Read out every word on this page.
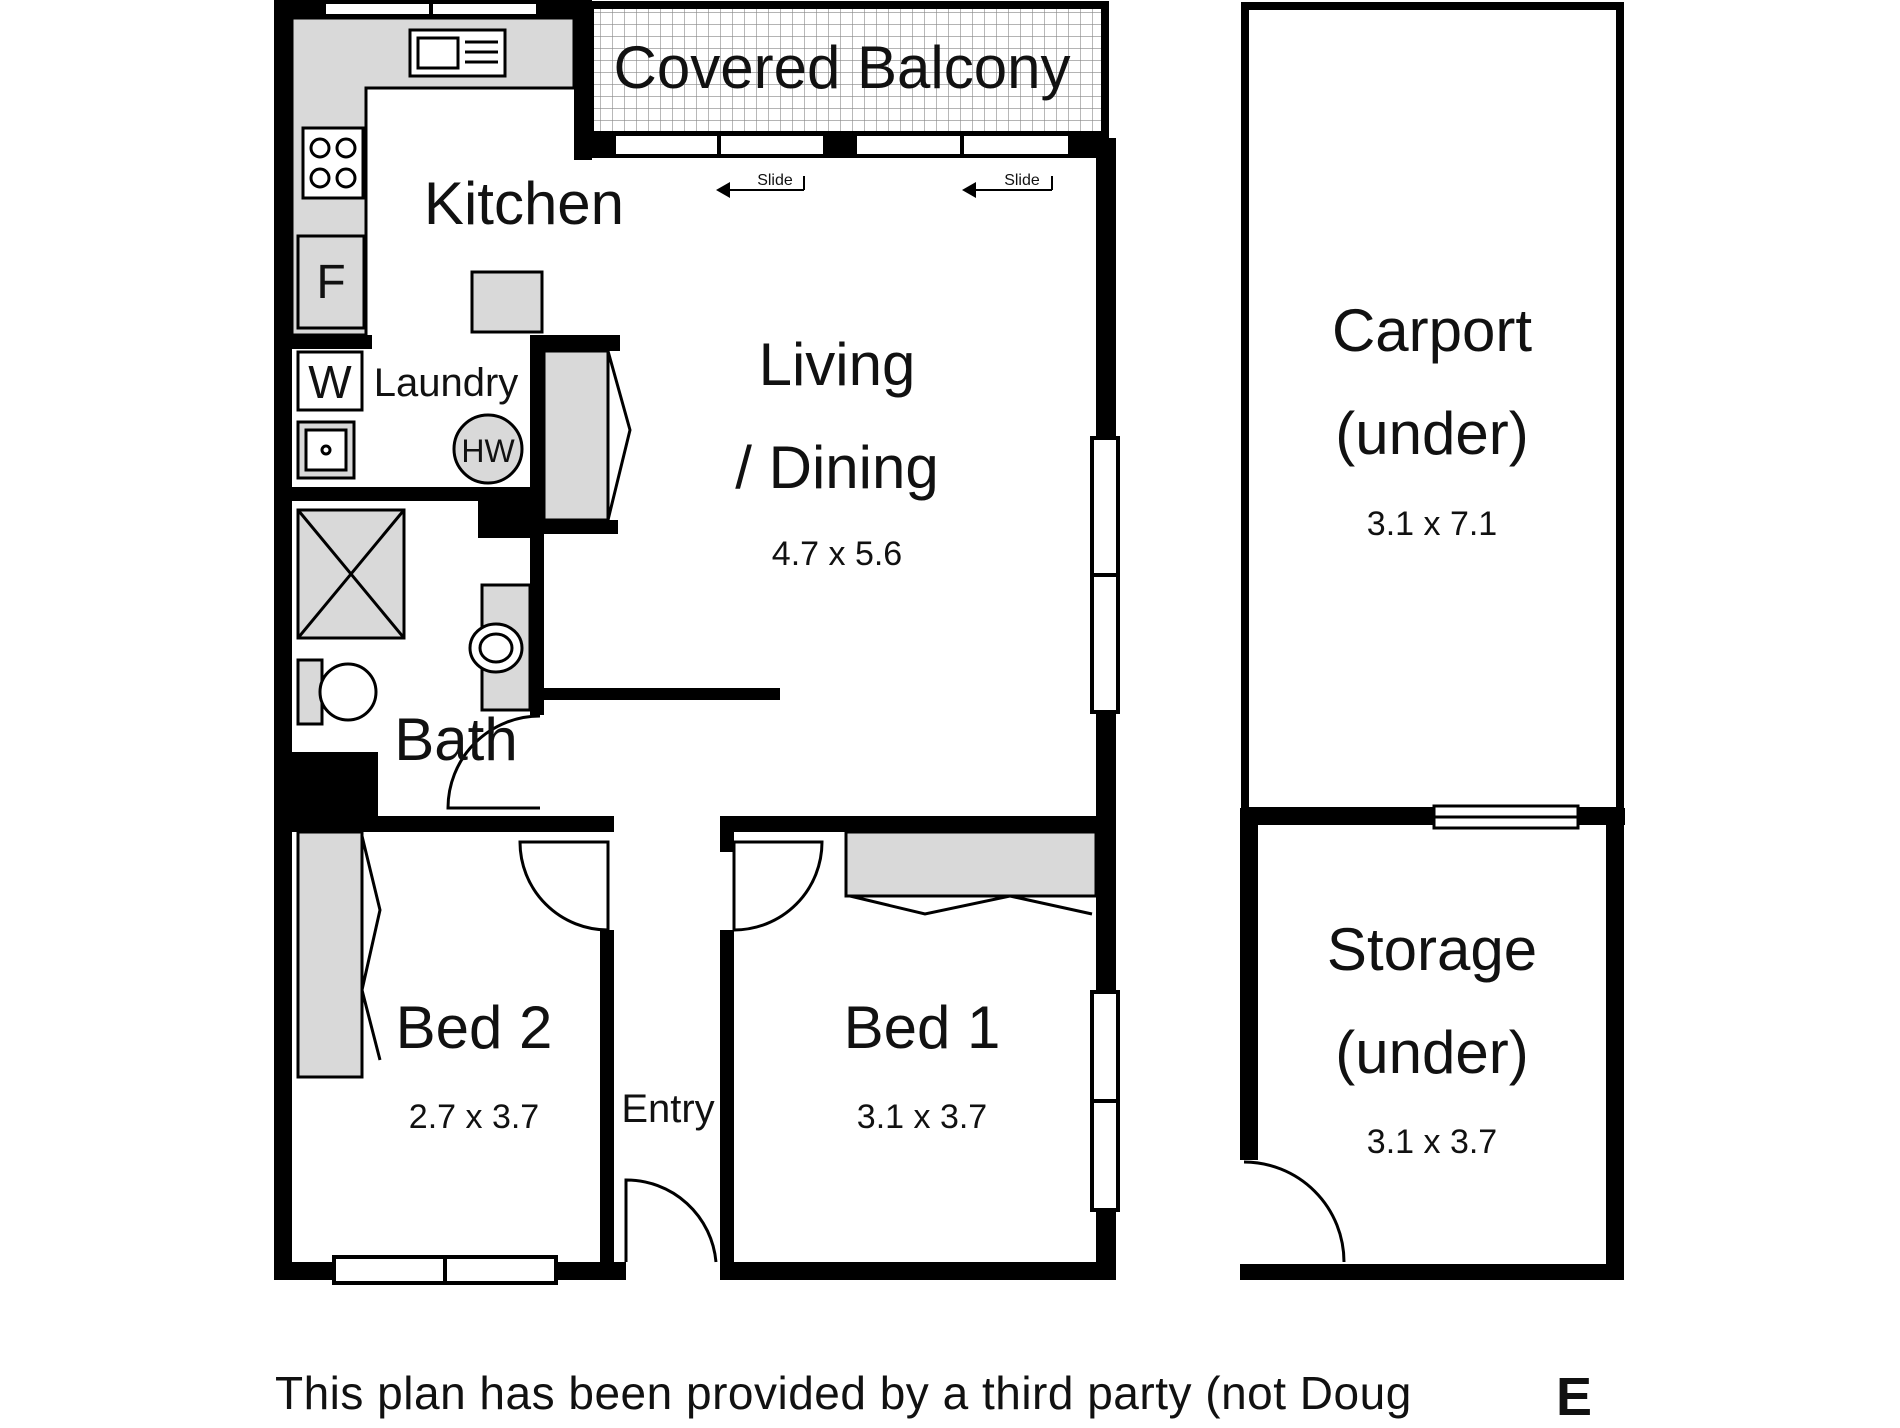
F
W
HW
Slide	Slide
Covered Balcony
Kitchen
Living
/ Dining
4.7 x 5.6
Laundry
Bath
Bed 2
2.7 x 3.7 Entry
Bed 1
3.1 x 3.7
Carport
(under)
3.1 x 7.1
Storage
(under)
3.1 x 3.7
This plan has been provided by a third party (not Doug	E
